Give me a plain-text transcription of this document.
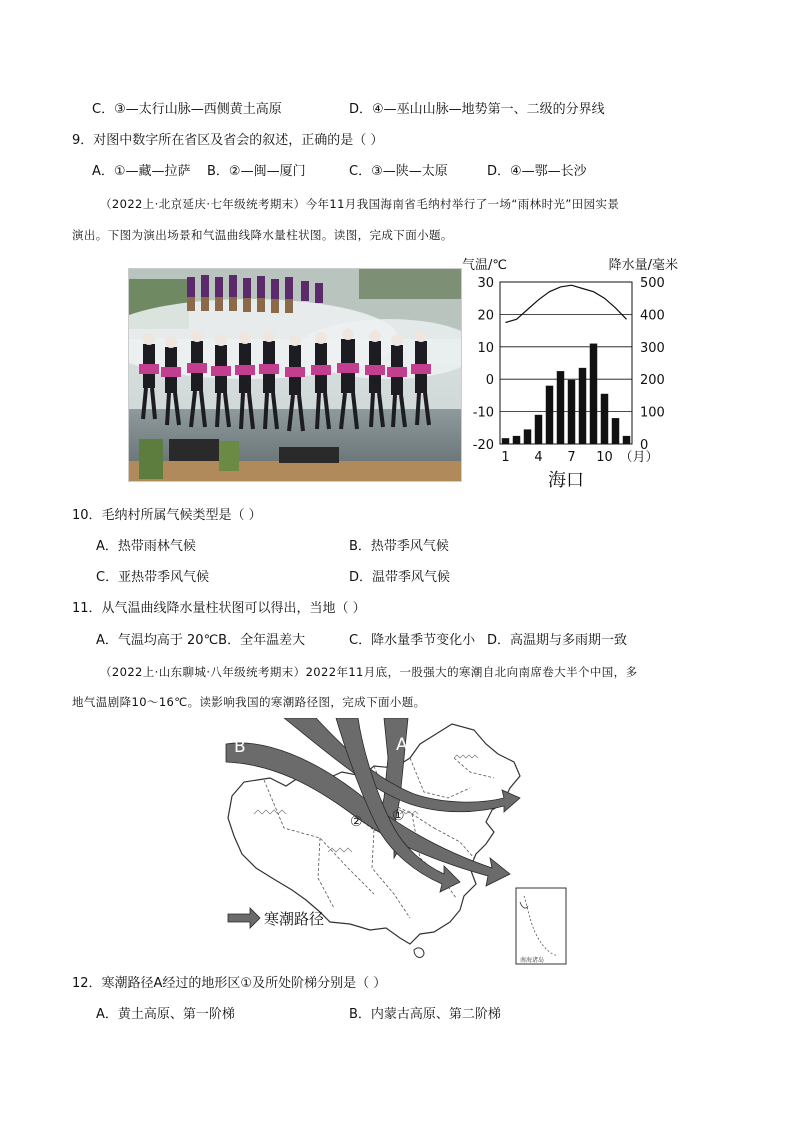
C．③—太行山脉—西侧黄土高原	D．④—巫山山脉—地势第一、二级的分界线
9．对图中数字所在省区及省会的叙述，正确的是（ ）
A．①—藏—拉萨 B．②—闽—厦门	C．③—陕—太原	D．④—鄂—长沙
（2022上·北京延庆·七年级统考期末）今年11月我国海南省毛纳村举行了一场“雨林时光”田园实景
演出。下图为演出场景和气温曲线降水量柱状图。读图，完成下面小题。
30
20
10
0
-10
-20
500
400
300
200
100
0
1 4 7 10 （月）
气温/℃	降水量/毫米
海口
10．毛纳村所属气候类型是（ ）
A．热带雨林气候	B．热带季风气候
C．亚热带季风气候	D．温带季风气候
11．从气温曲线降水量柱状图可以得出，当地（ ）
A．气温均高于 20℃B．全年温差大	C．降水量季节变化小 D．高温期与多雨期一致
（2022上·山东聊城·八年级统考期末）2022年11月底，一股强大的寒潮自北向南席卷大半个中国，多
地气温剧降10～16℃。读影响我国的寒潮路径图，完成下面小题。
A
B
①
②
寒潮路径
南海诸岛
12．寒潮路径A经过的地形区①及所处阶梯分别是（ ）
A．黄土高原、第一阶梯	B．内蒙古高原、第二阶梯
